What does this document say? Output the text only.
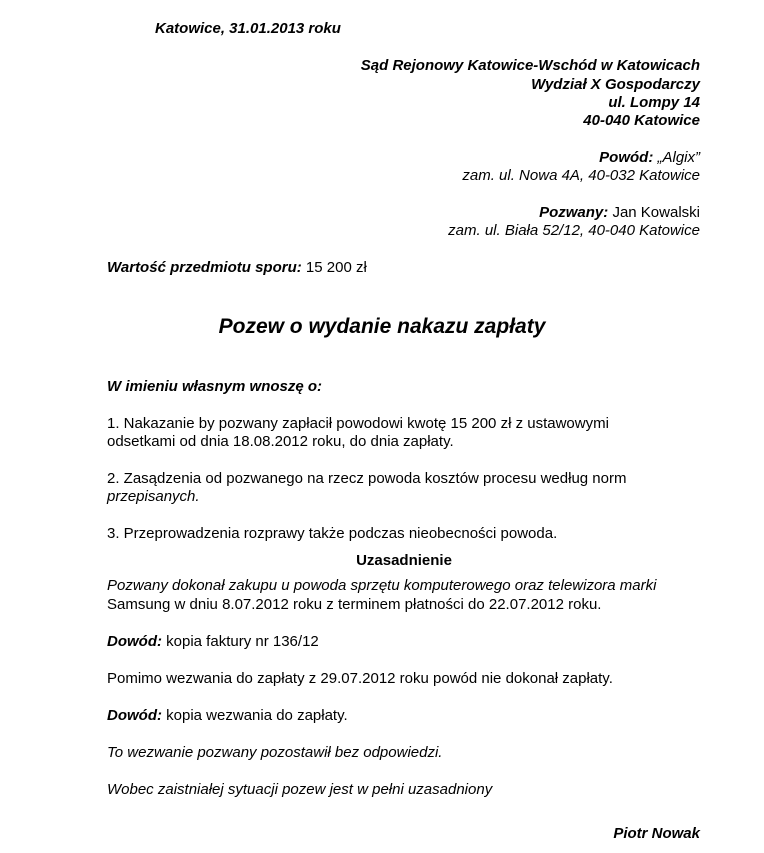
Katowice, 31.01.2013 roku
Sąd Rejonowy Katowice-Wschód w Katowicach
Wydział X Gospodarczy
ul. Lompy 14
40-040 Katowice
Powód: „Algix”
zam. ul. Nowa 4A, 40-032 Katowice
Pozwany: Jan Kowalski
zam. ul. Biała 52/12, 40-040 Katowice
Wartość przedmiotu sporu: 15 200 zł
Pozew o wydanie nakazu zapłaty
W imieniu własnym wnoszę o:
1. Nakazanie by pozwany zapłacił powodowi kwotę 15 200 zł z ustawowymi
odsetkami od dnia 18.08.2012 roku, do dnia zapłaty.
2. Zasądzenia od pozwanego na rzecz powoda kosztów procesu według norm
przepisanych.
3. Przeprowadzenia rozprawy także podczas nieobecności powoda.
Uzasadnienie
Pozwany dokonał zakupu u powoda sprzętu komputerowego oraz telewizora marki
Samsung w dniu 8.07.2012 roku z terminem płatności do 22.07.2012 roku.
Dowód: kopia faktury nr 136/12
Pomimo wezwania do zapłaty z 29.07.2012 roku powód nie dokonał zapłaty.
Dowód: kopia wezwania do zapłaty.
To wezwanie pozwany pozostawił bez odpowiedzi.
Wobec zaistniałej sytuacji pozew jest w pełni uzasadniony
Piotr Nowak
